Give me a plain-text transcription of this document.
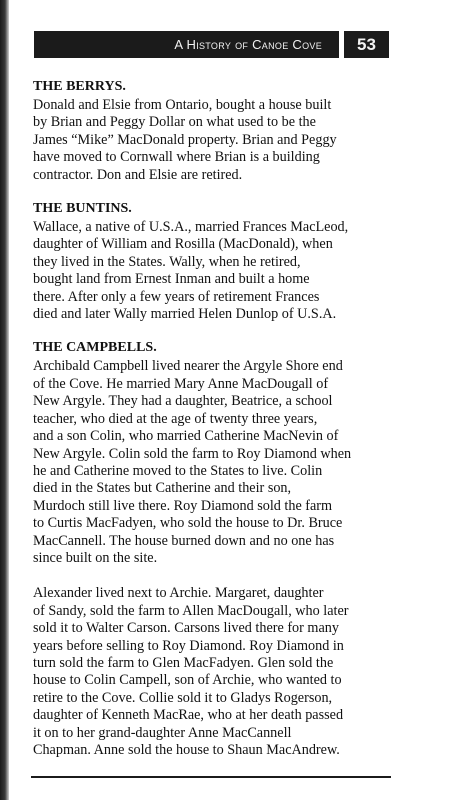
A History of Canoe Cove 53
THE BERRYS.
Donald and Elsie from Ontario, bought a house built
by Brian and Peggy Dollar on what used to be the
James “Mike” MacDonald property. Brian and Peggy
have moved to Cornwall where Brian is a building
contractor. Don and Elsie are retired.
THE BUNTINS.
Wallace, a native of U.S.A., married Frances MacLeod,
daughter of William and Rosilla (MacDonald), when
they lived in the States. Wally, when he retired,
bought land from Ernest Inman and built a home
there. After only a few years of retirement Frances
died and later Wally married Helen Dunlop of U.S.A.
THE CAMPBELLS.
Archibald Campbell lived nearer the Argyle Shore end
of the Cove. He married Mary Anne MacDougall of
New Argyle. They had a daughter, Beatrice, a school
teacher, who died at the age of twenty three years,
and a son Colin, who married Catherine MacNevin of
New Argyle. Colin sold the farm to Roy Diamond when
he and Catherine moved to the States to live. Colin
died in the States but Catherine and their son,
Murdoch still live there. Roy Diamond sold the farm
to Curtis MacFadyen, who sold the house to Dr. Bruce
MacCannell. The house burned down and no one has
since built on the site.
Alexander lived next to Archie. Margaret, daughter
of Sandy, sold the farm to Allen MacDougall, who later
sold it to Walter Carson. Carsons lived there for many
years before selling to Roy Diamond. Roy Diamond in
turn sold the farm to Glen MacFadyen. Glen sold the
house to Colin Campell, son of Archie, who wanted to
retire to the Cove. Collie sold it to Gladys Rogerson,
daughter of Kenneth MacRae, who at her death passed
it on to her grand-daughter Anne MacCannell
Chapman. Anne sold the house to Shaun MacAndrew.
